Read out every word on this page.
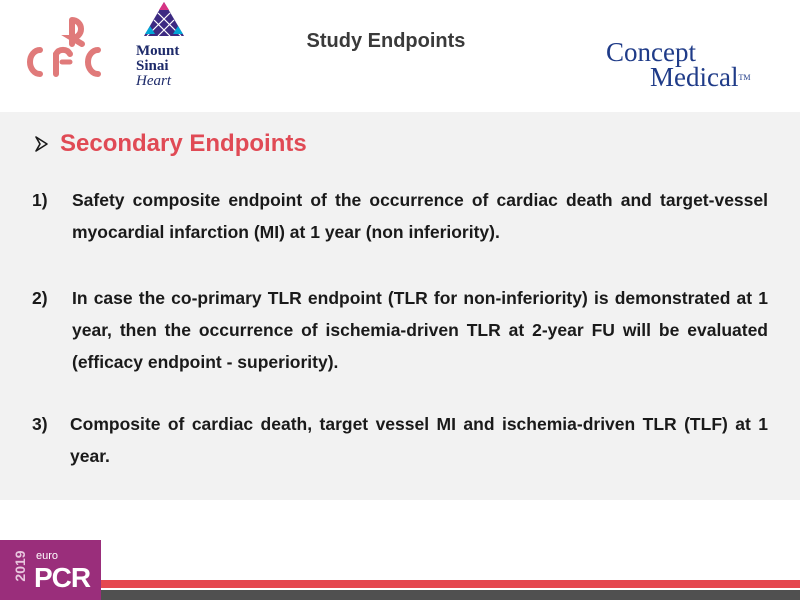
Mount
Sinai
Heart
Study Endpoints	Concept
Medical™
Secondary Endpoints
1)	Safety composite endpoint of the occurrence of cardiac death and target-vessel myocardial infarction (MI) at 1 year (non inferiority).
2)	In case the co-primary TLR endpoint (TLR for non-inferiority) is demonstrated at 1 year, then the occurrence of ischemia-driven TLR at 2-year FU will be evaluated (efficacy endpoint - superiority).
3)	Composite of cardiac death, target vessel MI and ischemia-driven TLR (TLF) at 1 year.
2019 euro
PCR
